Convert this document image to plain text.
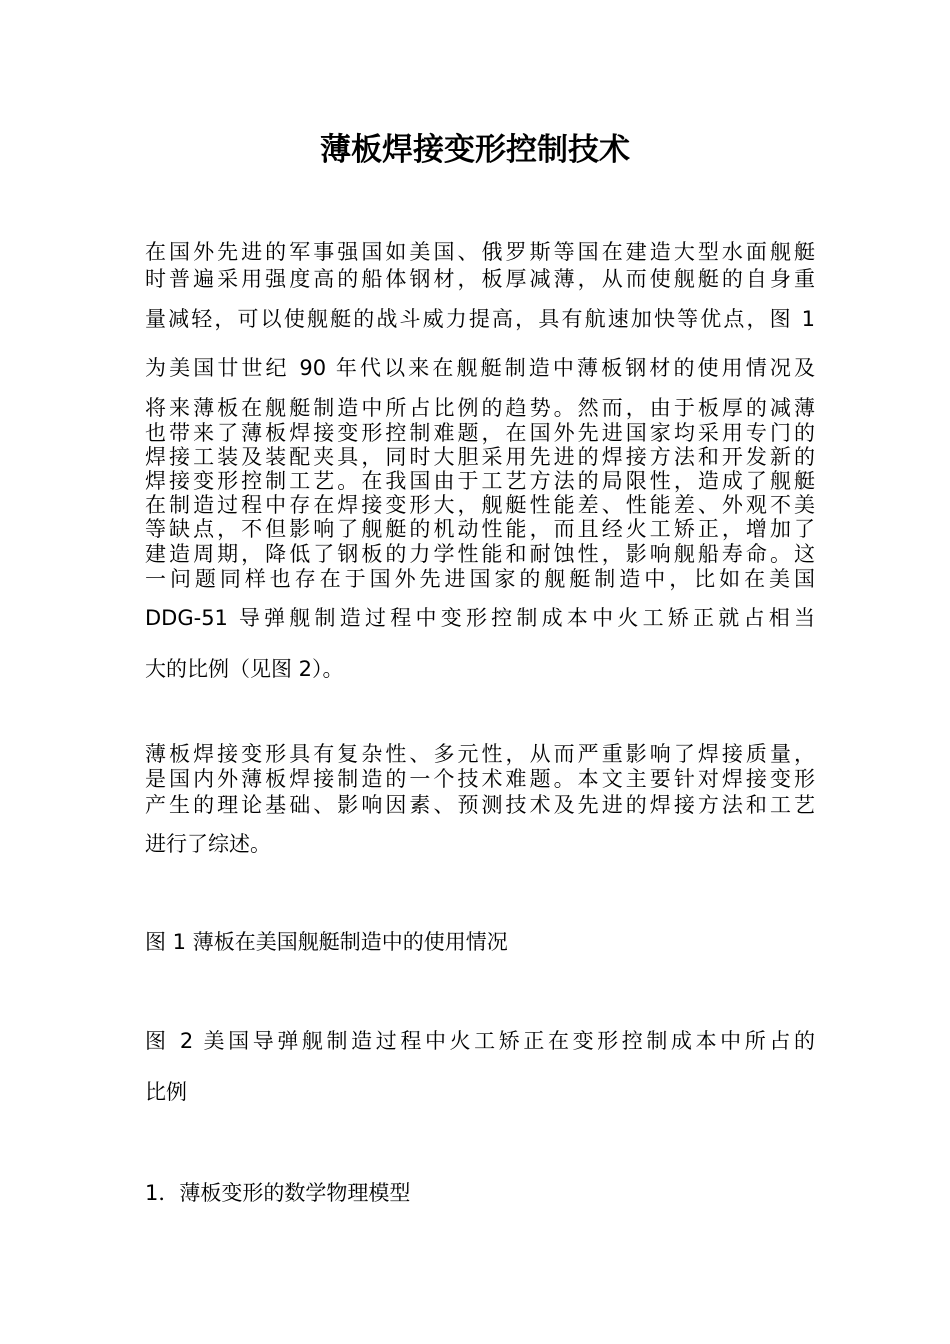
薄板焊接变形控制技术
在国外先进的军事强国如美国、俄罗斯等国在建造大型水面舰艇
时普遍采用强度高的船体钢材，板厚减薄，从而使舰艇的自身重
量减轻，可以使舰艇的战斗威力提高，具有航速加快等优点，图 1
为美国廿世纪 90 年代以来在舰艇制造中薄板钢材的使用情况及
将来薄板在舰艇制造中所占比例的趋势。然而，由于板厚的减薄
也带来了薄板焊接变形控制难题，在国外先进国家均采用专门的
焊接工装及装配夹具，同时大胆采用先进的焊接方法和开发新的
焊接变形控制工艺。在我国由于工艺方法的局限性，造成了舰艇
在制造过程中存在焊接变形大，舰艇性能差、性能差、外观不美
等缺点，不但影响了舰艇的机动性能，而且经火工矫正，增加了
建造周期，降低了钢板的力学性能和耐蚀性，影响舰船寿命。这
一问题同样也存在于国外先进国家的舰艇制造中，比如在美国
DDG-51 导弹舰制造过程中变形控制成本中火工矫正就占相当
大的比例（见图 2）。
薄板焊接变形具有复杂性、多元性，从而严重影响了焊接质量，
是国内外薄板焊接制造的一个技术难题。本文主要针对焊接变形
产生的理论基础、影响因素、预测技术及先进的焊接方法和工艺
进行了综述。
图 1 薄板在美国舰艇制造中的使用情况
图 2 美国导弹舰制造过程中火工矫正在变形控制成本中所占的
比例
1．薄板变形的数学物理模型
